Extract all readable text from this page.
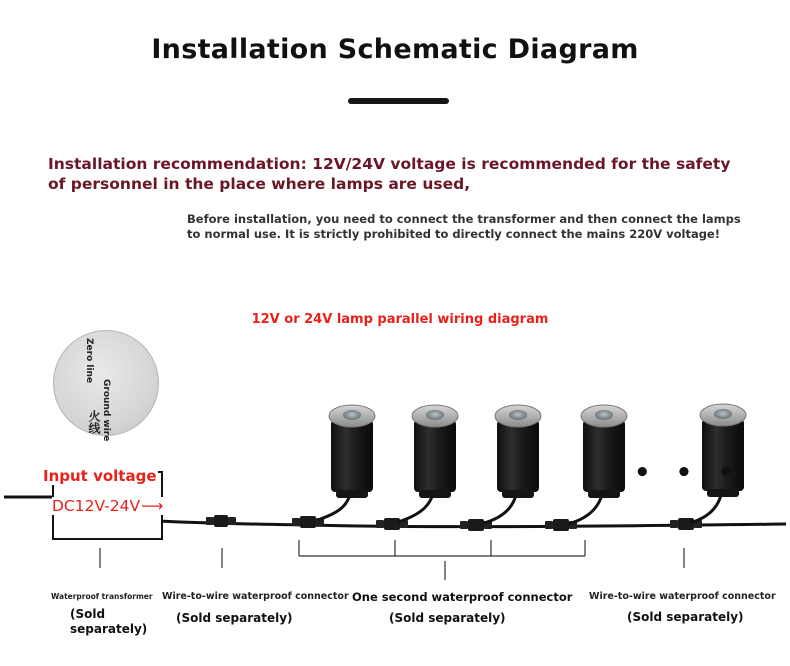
Installation Schematic Diagram
Installation recommendation: 12V/24V voltage is recommended for the safety of personnel in the place where lamps are used,
Before installation, you need to connect the transformer and then connect the lamps to normal use. It is strictly prohibited to directly connect the mains 220V voltage!
12V or 24V lamp parallel wiring diagram
Zero line
Ground wire
火线
Input voltage
DC12V-24V⟶
• • •
Waterproof transformer
(Sold
separately)
Wire-to-wire waterproof connector
(Sold separately)
One second waterproof connector
(Sold separately)
Wire-to-wire waterproof connector
(Sold separately)
